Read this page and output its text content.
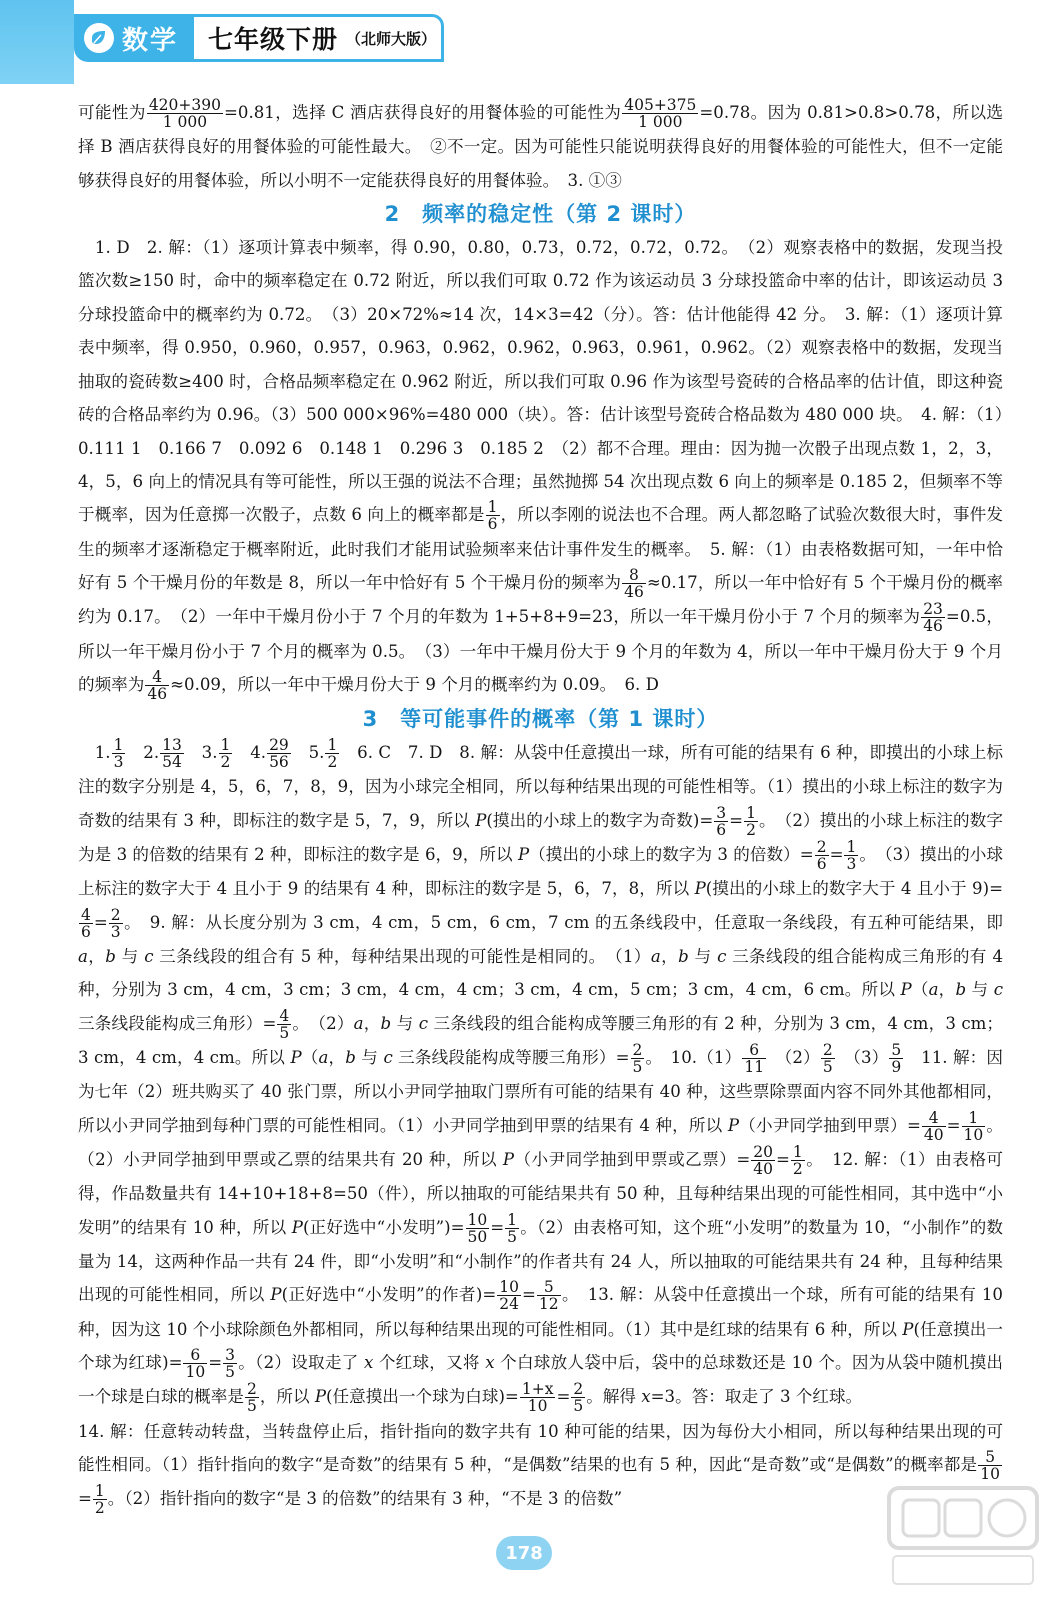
数学 七年级下册 （北师大版）

可能性为 $\frac{420+390}{1 000} =0.81$，选择 C 酒店获得良好的用餐体验的可能性为 $\frac{405+375}{1 000} =0.78$。因为 0.81>0.8>0.78，所以选择 B 酒店获得良好的用餐体验的可能性最大。　②不一定。因为可能性只能说明获得良好的用餐体验的可能性大，但不一定能够获得良好的用餐体验，所以小明不一定能获得良好的用餐体验。　3. ①③

2　频率的稳定性（第 2 课时）

　1. D　2. 解：（1）逐项计算表中频率，得 0.90，0.80，0.73，0.72，0.72，0.72。　（2）观察表格中的数据，发现当投篮次数≥150 时，命中的频率稳定在 0.72 附近，所以我们可取 0.72 作为该运动员 3 分球投篮命中率的估计，即该运动员 3 分球投篮命中的概率约为 0.72。　（3）20×72%≈14 次，14×3=42（分）。答：估计他能得 42 分。　3. 解：（1）逐项计算表中频率，得 0.950，0.960，0.957，0.963，0.962，0.962，0.963，0.961，0.962。（2）观察表格中的数据，发现当抽取的瓷砖数≥400 时，合格品频率稳定在 0.962 附近，所以我们可取 0.96 作为该型号瓷砖的合格品率的估计值，即这种瓷砖的合格品率约为 0.96。（3）500 000×96%=480 000（块）。答：估计该型号瓷砖合格品数为 480 000 块。　4. 解：（1）0.111 1　0.166 7　0.092 6　0.148 1　0.296 3　0.185 2　（2）都不合理。理由：因为抛一次骰子出现点数 1，2，3，4，5，6 向上的情况具有等可能性，所以王强的说法不合理；虽然抛掷 54 次出现点数 6 向上的频率是 0.185 2，但频率不等于概率，因为任意掷一次骰子，点数 6 向上的概率都是 $\frac{1}{6}$ ，所以李刚的说法也不合理。两人都忽略了试验次数很大时，事件发生的频率才逐渐稳定于概率附近，此时我们才能用试验频率来估计事件发生的概率。　5. 解：（1）由表格数据可知，一年中恰好有 5 个干燥月份的年数是 8，所以一年中恰好有 5 个干燥月份的频率为 $\frac{8}{46} \approx 0.17$，所以一年中恰好有 5 个干燥月份的概率约为 0.17。　（2）一年中干燥月份小于 7 个月的年数为 1+5+8+9=23，所以一年干燥月份小于 7 个月的频率为 $\frac{23}{46} =0.5$，所以一年干燥月份小于 7 个月的概率为 0.5。　（3）一年中干燥月份大于 9 个月的年数为 4，所以一年中干燥月份大于 9 个月的频率为 $\frac{4}{46} \approx 0.09$，所以一年中干燥月份大于 9 个月的概率约为 0.09。　6. D

3　等可能事件的概率（第 1 课时）

　1. $\frac{1}{3}$ 　2. $\frac{13}{54}$ 　3. $\frac{1}{2}$ 　4. $\frac{29}{56}$ 　5. $\frac{1}{2}$ 　6. C　7. D　8. 解：从袋中任意摸出一球，所有可能的结果有 6 种，即摸出的小球上标注的数字分别是 4，5，6，7，8，9，因为小球完全相同，所以每种结果出现的可能性相等。（1）摸出的小球上标注的数字为奇数的结果有 3 种，即标注的数字是 5，7，9，所以 P(摸出的小球上的数字为奇数)= $\frac{3}{6} = \frac{1}{2}$ 。　（2）摸出的小球上标注的数字为是 3 的倍数的结果有 2 种，即标注的数字是 6，9，所以 P（摸出的小球上的数字为 3 的倍数）= $\frac{2}{6} = \frac{1}{3}$ 。　（3）摸出的小球上标注的数字大于 4 且小于 9 的结果有 4 种，即标注的数字是 5，6，7，8，所以 P(摸出的小球上的数字大于 4 且小于 9)=
$\frac{4}{6} = \frac{2}{3}$ 。　9. 解：从长度分别为 3 cm，4 cm，5 cm，6 cm，7 cm 的五条线段中，任意取一条线段，有五种可能结果，即 a，b 与 c 三条线段的组合有 5 种，每种结果出现的可能性是相同的。　（1）a，b 与 c 三条线段的组合能构成三角形的有 4 种，分别为 3 cm，4 cm，3 cm；3 cm，4 cm，4 cm；3 cm，4 cm，5 cm；3 cm，4 cm，6 cm。所以 P（a，b 与 c 三条线段能构成三角形）= $\frac{4}{5}$ 。　（2）a，b 与 c 三条线段的组合能构成等腰三角形的有 2 种，分别为 3 cm，4 cm，3 cm；3 cm，4 cm，4 cm。所以 P（a，b 与 c 三条线段能构成等腰三角形）= $\frac{2}{5}$ 。　$10.(1) \frac{6}{11}$ 　$(2) \frac{2}{5}$ 　$(3) \frac{5}{9}$ 　11. 解：因为七年（2）班共购买了 40 张门票，所以小尹同学抽取门票所有可能的结果有 40 种，这些票除票面内容不同外其他都相同，所以小尹同学抽到每种门票的可能性相同。（1）小尹同学抽到甲票的结果有 4 种，所以 P（小尹同学抽到甲票）= $\frac{4}{40} = \frac{1}{10}$ 。（2）小尹同学抽到甲票或乙票的结果共有 20 种，所以 P（小尹同学抽到甲票或乙票）= $\frac{20}{40} = \frac{1}{2}$ 。　12. 解：（1）由表格可得，作品数量共有 14+10+18+8=50（件），所以抽取的可能结果共有 50 种，且每种结果出现的可能性相同，其中选中“小发明”的结果有 10 种，所以 P(正好选中“小发明”)= $\frac{10}{50} = \frac{1}{5}$ 。（2）由表格可知，这个班“小发明”的数量为 10，“小制作”的数量为 14，这两种作品一共有 24 件，即“小发明”和“小制作”的作者共有 24 人，所以抽取的可能结果共有 24 种，且每种结果出现的可能性相同，所以 P(正好选中“小发明”的作者)= $\frac{10}{24} = \frac{5}{12}$ 。　13. 解：从袋中任意摸出一个球，所有可能的结果有 10 种，因为这 10 个小球除颜色外都相同，所以每种结果出现的可能性相同。（1）其中是红球的结果有 6 种，所以 P(任意摸出一个球为红球)= $\frac{6}{10} = \frac{3}{5}$ 。（2）设取走了 x 个红球，又将 x 个白球放人袋中后，袋中的总球数还是 10 个。因为从袋中随机摸出一个球是白球的概率是 $\frac{2}{5}$ ，所以 P(任意摸出一个球为白球)= $\frac{1+x}{10} = \frac{2}{5}$ 。解得 x=3。答：取走了 3 个红球。

14. 解：任意转动转盘，当转盘停止后，指针指向的数字共有 10 种可能的结果，因为每份大小相同，所以每种结果出现的可能性相同。（1）指针指向的数字“是奇数”的结果有 5 种，“是偶数”结果的也有 5 种，因此“是奇数”或“是偶数”的概率都是 $\frac{5}{10}$
= $\frac{1}{2}$ 。（2）指针指向的数字“是 3 的倍数”的结果有 3 种，“不是 3 的倍数”

178
